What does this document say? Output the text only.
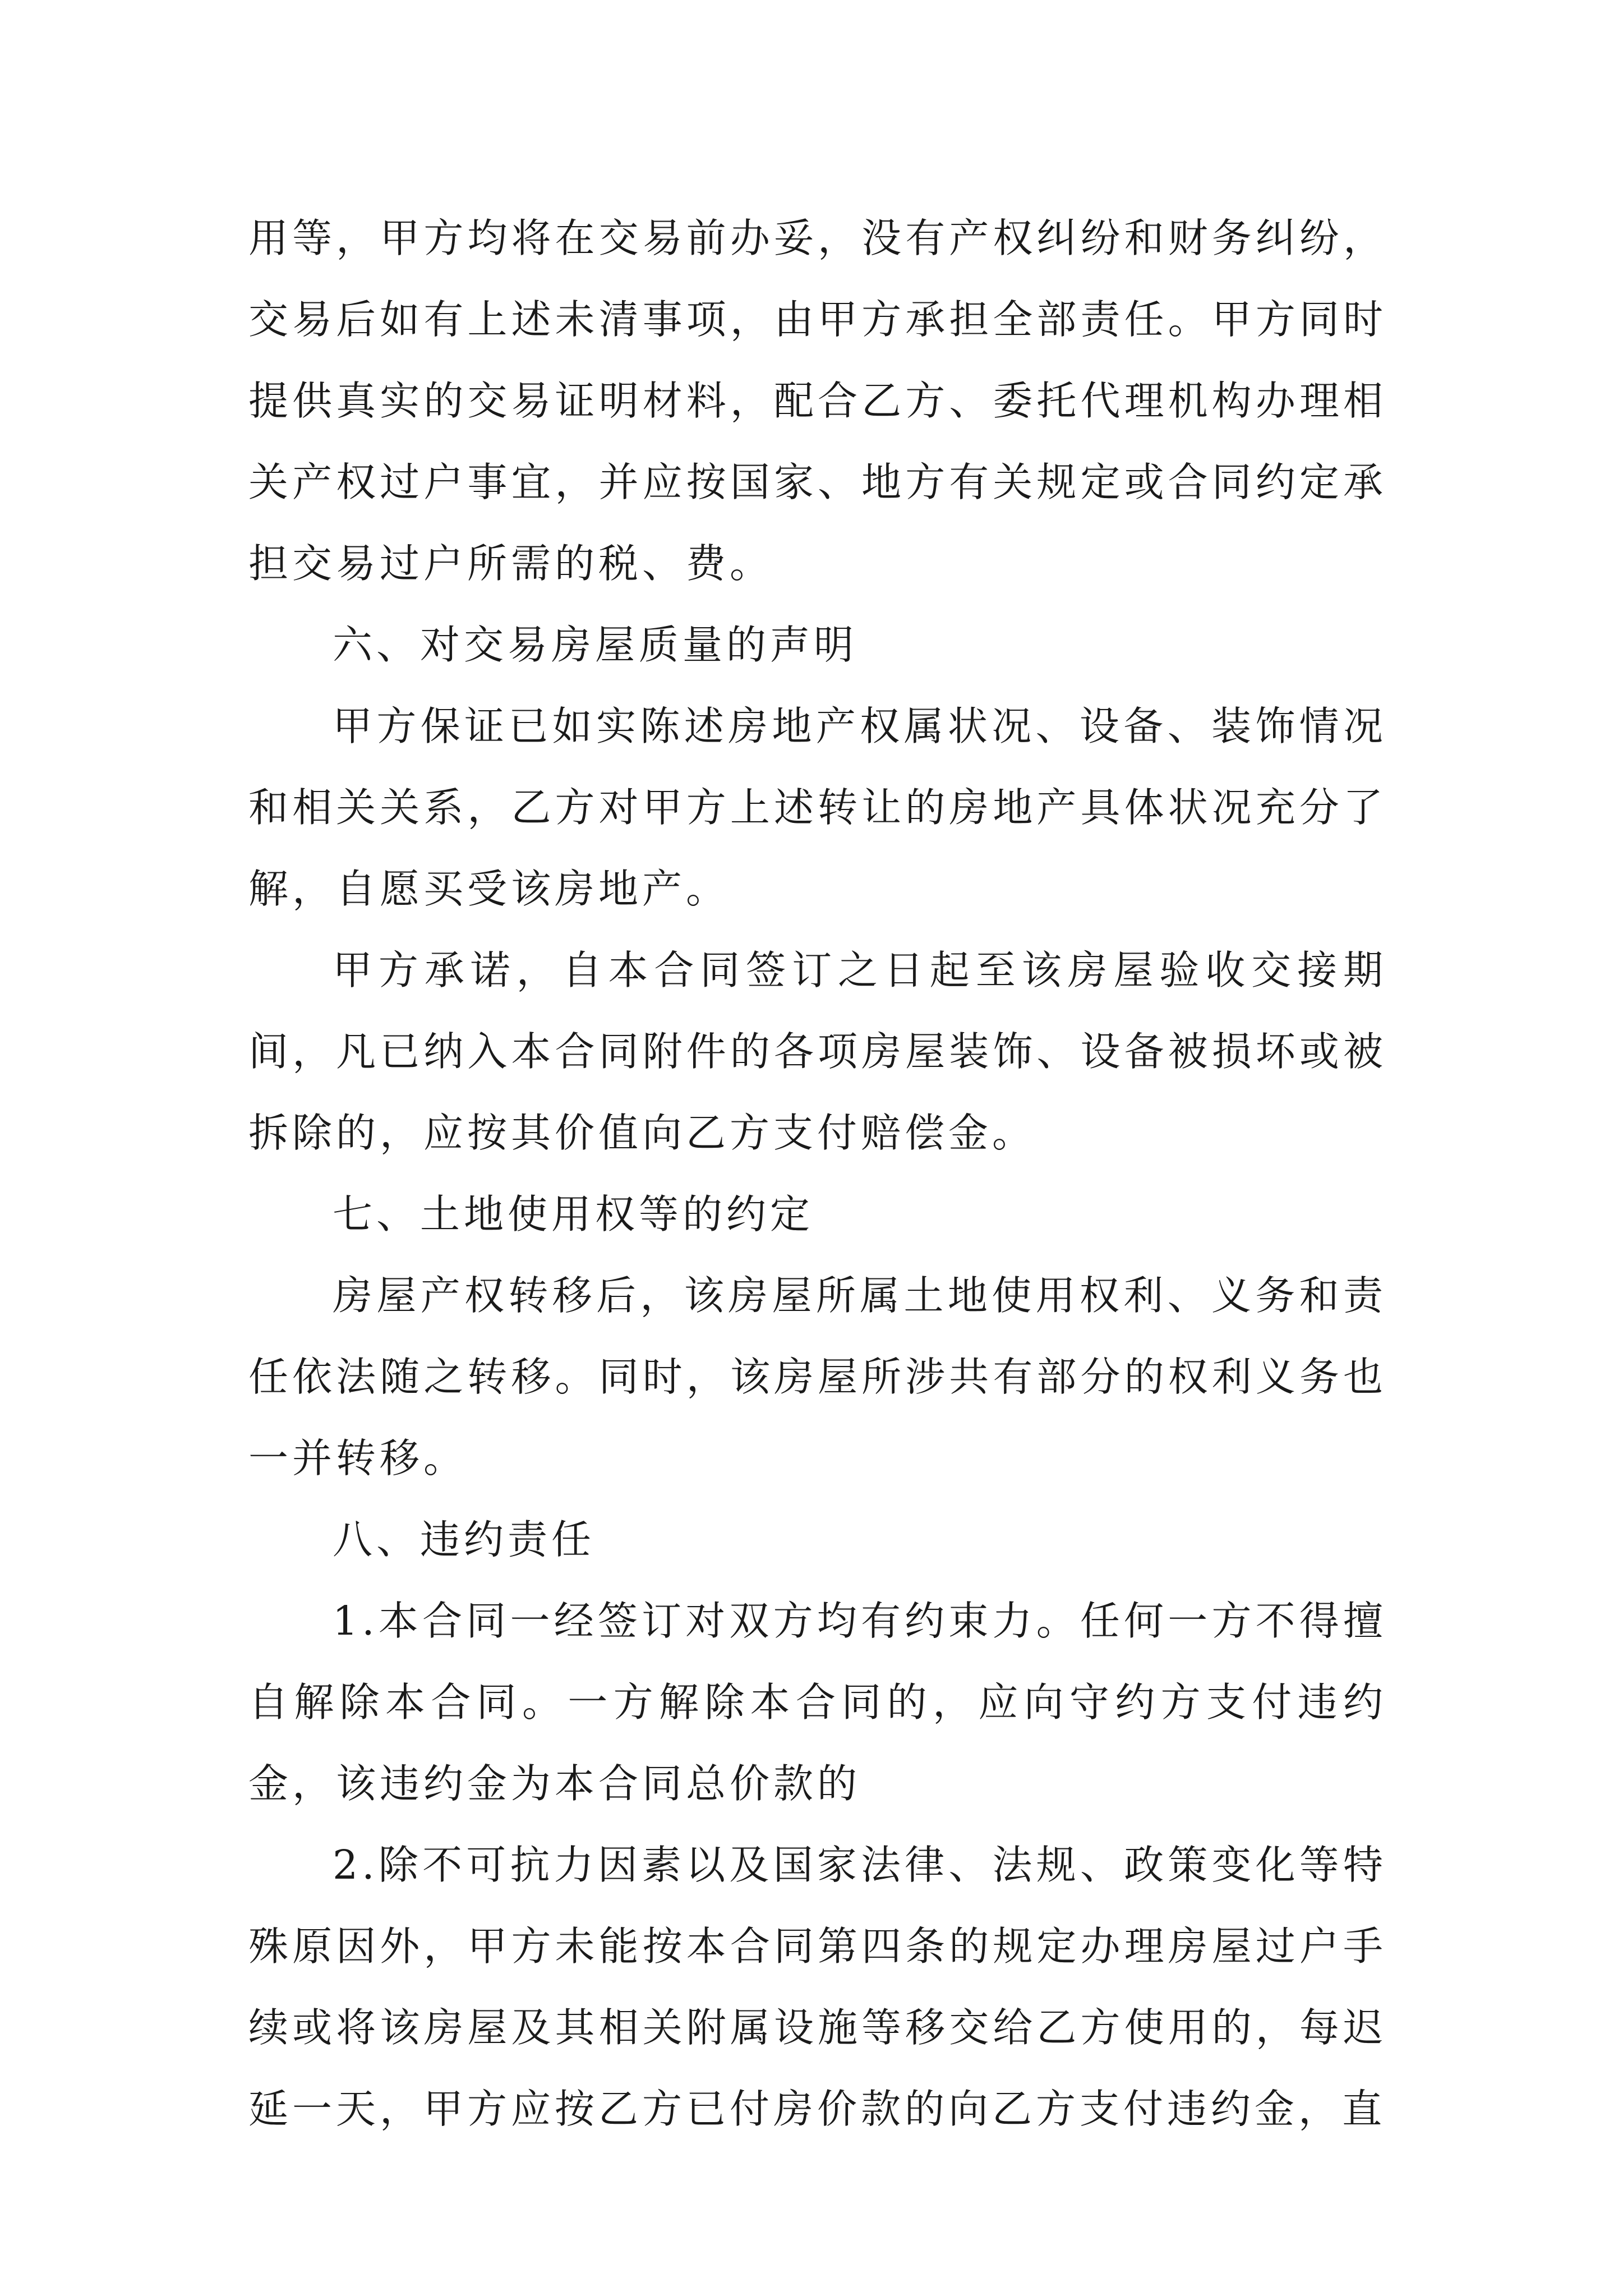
用等，甲方均将在交易前办妥，没有产权纠纷和财务纠纷，交易后如有上述未清事项，由甲方承担全部责任。甲方同时提供真实的交易证明材料，配合乙方、委托代理机构办理相关产权过户事宜，并应按国家、地方有关规定或合同约定承担交易过户所需的税、费。

六、对交易房屋质量的声明

甲方保证已如实陈述房地产权属状况、设备、装饰情况和相关关系，乙方对甲方上述转让的房地产具体状况充分了解，自愿买受该房地产。

甲方承诺，自本合同签订之日起至该房屋验收交接期间，凡已纳入本合同附件的各项房屋装饰、设备被损坏或被拆除的，应按其价值向乙方支付赔偿金。

七、土地使用权等的约定

房屋产权转移后，该房屋所属土地使用权利、义务和责任依法随之转移。同时，该房屋所涉共有部分的权利义务也一并转移。

八、违约责任

1.本合同一经签订对双方均有约束力。任何一方不得擅自解除本合同。一方解除本合同的，应向守约方支付违约金，该违约金为本合同总价款的

2.除不可抗力因素以及国家法律、法规、政策变化等特殊原因外，甲方未能按本合同第四条的规定办理房屋过户手续或将该房屋及其相关附属设施等移交给乙方使用的，每迟延一天，甲方应按乙方已付房价款的向乙方支付违约金，直
